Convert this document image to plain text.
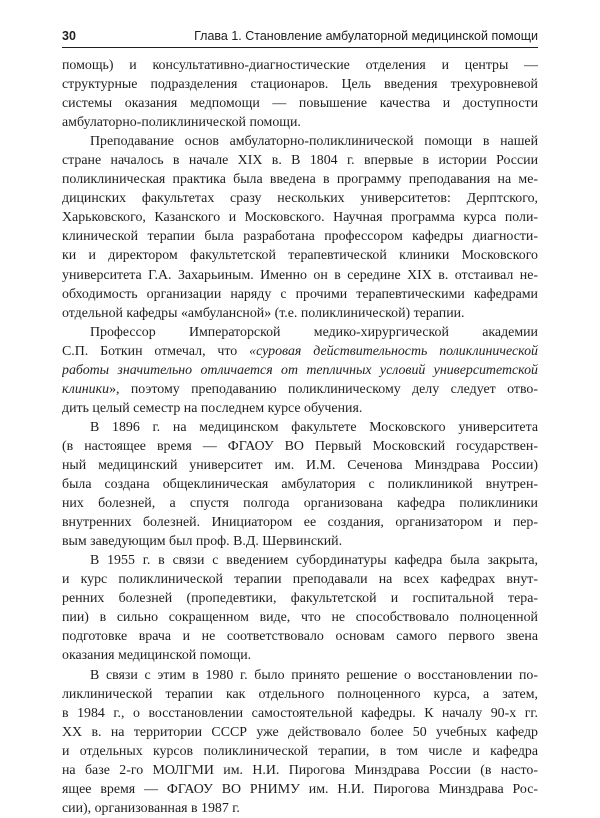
30	Глава 1. Становление амбулаторной медицинской помощи
помощь) и консультативно-диагностические отделения и центры —
структурные подразделения стационаров. Цель введения трехуровневой
системы оказания медпомощи — повышение качества и доступности
амбулаторно-поликлинической помощи.
Преподавание основ амбулаторно-поликлинической помощи в нашей
стране началось в начале XIX в. В 1804 г. впервые в истории России
поликлиническая практика была введена в программу преподавания на ме-
дицинских факультетах сразу нескольких университетов: Дерптского,
Харьковского, Казанского и Московского. Научная программа курса поли-
клинической терапии была разработана профессором кафедры диагности-
ки и директором факультетской терапевтической клиники Московского
университета Г.А. Захарьиным. Именно он в середине XIX в. отстаивал не-
обходимость организации наряду с прочими терапевтическими кафедрами
отдельной кафедры «амбулансной» (т.е. поликлинической) терапии.
Профессор Императорской медико-хирургической академии
С.П. Боткин отмечал, что «суровая действительность поликлинической
работы значительно отличается от тепличных условий университетской
клиники», поэтому преподаванию поликлиническому делу следует отво-
дить целый семестр на последнем курсе обучения.
В 1896 г. на медицинском факультете Московского университета
(в настоящее время — ФГАОУ ВО Первый Московский государствен-
ный медицинский университет им. И.М. Сеченова Минздрава России)
была создана общеклиническая амбулатория с поликлиникой внутрен-
них болезней, а спустя полгода организована кафедра поликлиники
внутренних болезней. Инициатором ее создания, организатором и пер-
вым заведующим был проф. В.Д. Шервинский.
В 1955 г. в связи с введением субординатуры кафедра была закрыта,
и курс поликлинической терапии преподавали на всех кафедрах внут-
ренних болезней (пропедевтики, факультетской и госпитальной тера-
пии) в сильно сокращенном виде, что не способствовало полноценной
подготовке врача и не соответствовало основам самого первого звена
оказания медицинской помощи.
В связи с этим в 1980 г. было принято решение о восстановлении по-
ликлинической терапии как отдельного полноценного курса, а затем,
в 1984 г., о восстановлении самостоятельной кафедры. К началу 90-х гг.
XX в. на территории СССР уже действовало более 50 учебных кафедр
и отдельных курсов поликлинической терапии, в том числе и кафедра
на базе 2-го МОЛГМИ им. Н.И. Пирогова Минздрава России (в насто-
ящее время — ФГАОУ ВО РНИМУ им. Н.И. Пирогова Минздрава Рос-
сии), организованная в 1987 г.
